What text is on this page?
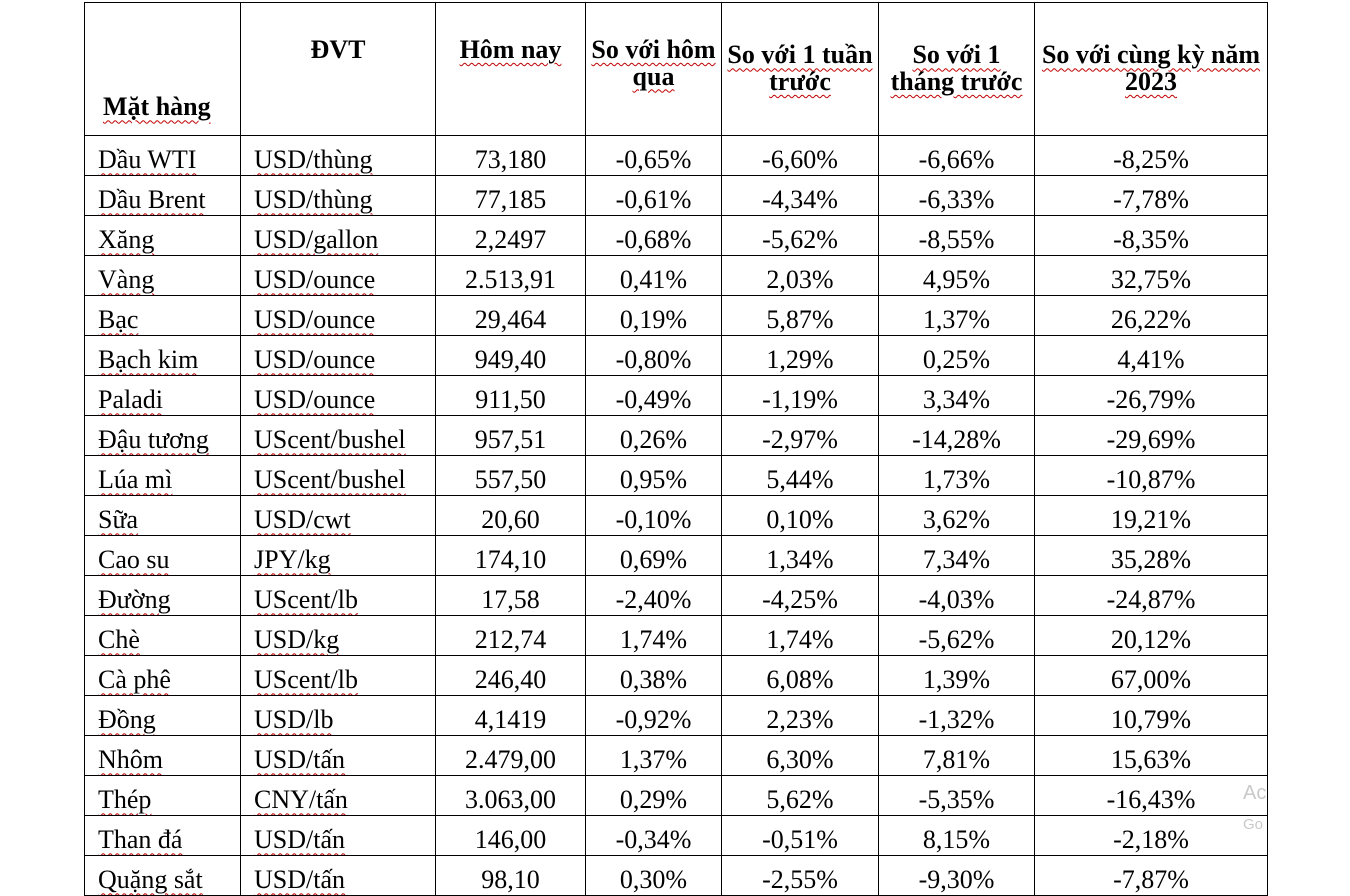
Mặt hàng	ĐVT	Hôm nay	So với hôm qua	So với 1 tuần trước	So với 1 tháng trước	So với cùng kỳ năm 2023
Dầu WTI	USD/thùng	73,180	-0,65%	-6,60%	-6,66%	-8,25%
Dầu Brent	USD/thùng	77,185	-0,61%	-4,34%	-6,33%	-7,78%
Xăng	USD/gallon	2,2497	-0,68%	-5,62%	-8,55%	-8,35%
Vàng	USD/ounce	2.513,91	0,41%	2,03%	4,95%	32,75%
Bạc	USD/ounce	29,464	0,19%	5,87%	1,37%	26,22%
Bạch kim	USD/ounce	949,40	-0,80%	1,29%	0,25%	4,41%
Paladi	USD/ounce	911,50	-0,49%	-1,19%	3,34%	-26,79%
Đậu tương	UScent/bushel	957,51	0,26%	-2,97%	-14,28%	-29,69%
Lúa mì	UScent/bushel	557,50	0,95%	5,44%	1,73%	-10,87%
Sữa	USD/cwt	20,60	-0,10%	0,10%	3,62%	19,21%
Cao su	JPY/kg	174,10	0,69%	1,34%	7,34%	35,28%
Đường	UScent/lb	17,58	-2,40%	-4,25%	-4,03%	-24,87%
Chè	USD/kg	212,74	1,74%	1,74%	-5,62%	20,12%
Cà phê	UScent/lb	246,40	0,38%	6,08%	1,39%	67,00%
Đồng	USD/lb	4,1419	-0,92%	2,23%	-1,32%	10,79%
Nhôm	USD/tấn	2.479,00	1,37%	6,30%	7,81%	15,63%
Thép	CNY/tấn	3.063,00	0,29%	5,62%	-5,35%	-16,43%
Than đá	USD/tấn	146,00	-0,34%	-0,51%	8,15%	-2,18%
Quặng sắt	USD/tấn	98,10	0,30%	-2,55%	-9,30%	-7,87%
Ac
Go
